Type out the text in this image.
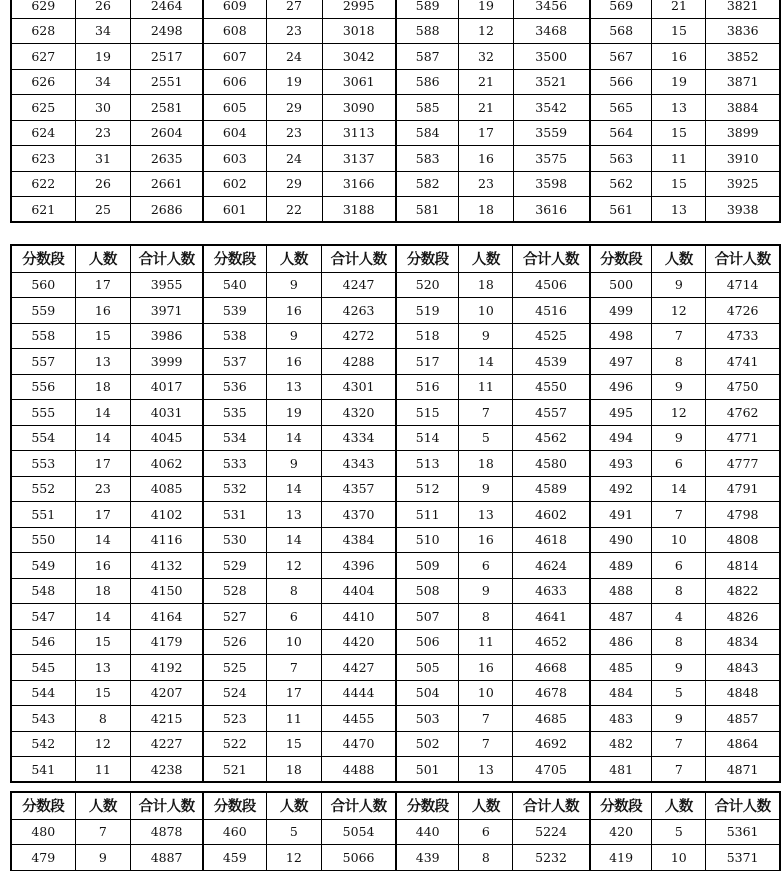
629	26	2464	609	27	2995	589	19	3456	569	21	3821
628	34	2498	608	23	3018	588	12	3468	568	15	3836
627	19	2517	607	24	3042	587	32	3500	567	16	3852
626	34	2551	606	19	3061	586	21	3521	566	19	3871
625	30	2581	605	29	3090	585	21	3542	565	13	3884
624	23	2604	604	23	3113	584	17	3559	564	15	3899
623	31	2635	603	24	3137	583	16	3575	563	11	3910
622	26	2661	602	29	3166	582	23	3598	562	15	3925
621	25	2686	601	22	3188	581	18	3616	561	13	3938
分数段	人数	合计人数	分数段	人数	合计人数	分数段	人数	合计人数	分数段	人数	合计人数
560	17	3955	540	9	4247	520	18	4506	500	9	4714
559	16	3971	539	16	4263	519	10	4516	499	12	4726
558	15	3986	538	9	4272	518	9	4525	498	7	4733
557	13	3999	537	16	4288	517	14	4539	497	8	4741
556	18	4017	536	13	4301	516	11	4550	496	9	4750
555	14	4031	535	19	4320	515	7	4557	495	12	4762
554	14	4045	534	14	4334	514	5	4562	494	9	4771
553	17	4062	533	9	4343	513	18	4580	493	6	4777
552	23	4085	532	14	4357	512	9	4589	492	14	4791
551	17	4102	531	13	4370	511	13	4602	491	7	4798
550	14	4116	530	14	4384	510	16	4618	490	10	4808
549	16	4132	529	12	4396	509	6	4624	489	6	4814
548	18	4150	528	8	4404	508	9	4633	488	8	4822
547	14	4164	527	6	4410	507	8	4641	487	4	4826
546	15	4179	526	10	4420	506	11	4652	486	8	4834
545	13	4192	525	7	4427	505	16	4668	485	9	4843
544	15	4207	524	17	4444	504	10	4678	484	5	4848
543	8	4215	523	11	4455	503	7	4685	483	9	4857
542	12	4227	522	15	4470	502	7	4692	482	7	4864
541	11	4238	521	18	4488	501	13	4705	481	7	4871
分数段	人数	合计人数	分数段	人数	合计人数	分数段	人数	合计人数	分数段	人数	合计人数
480	7	4878	460	5	5054	440	6	5224	420	5	5361
479	9	4887	459	12	5066	439	8	5232	419	10	5371
